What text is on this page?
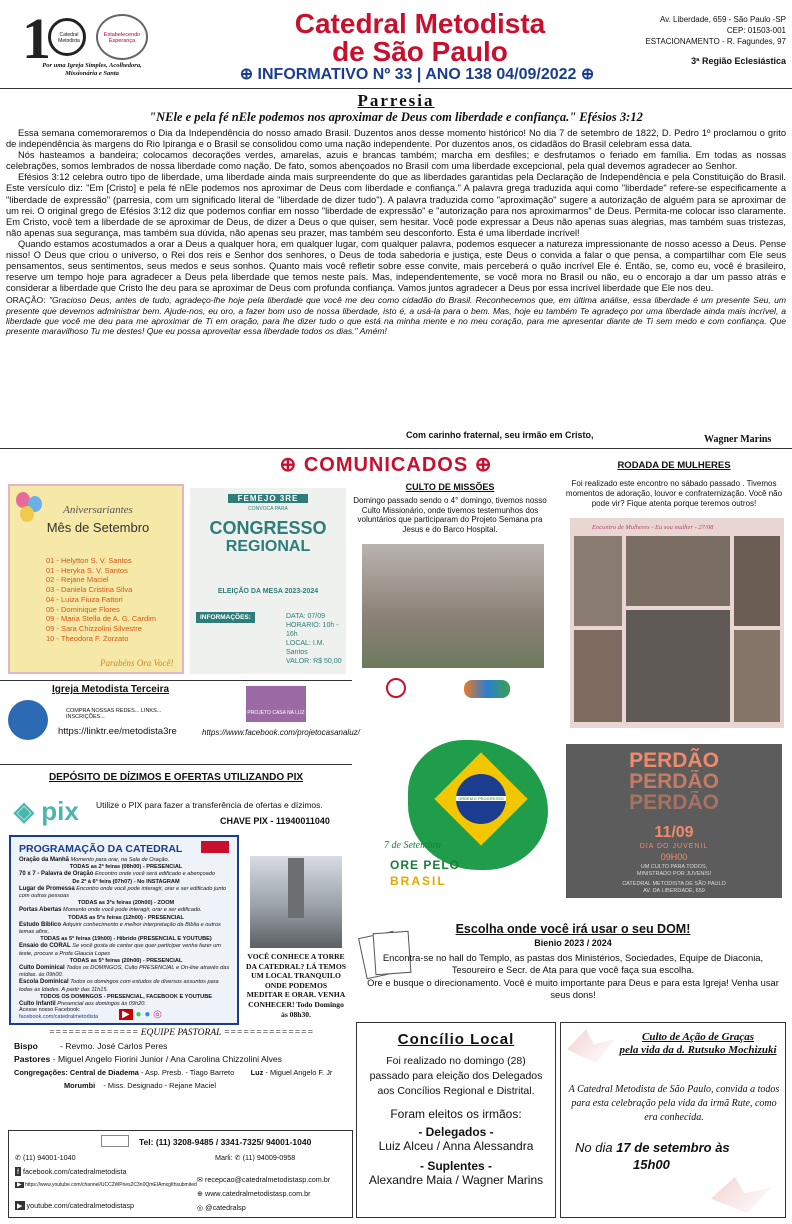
1	Estabelecendo Esperança
Catedral Metodista
Por uma Igreja Simples, Acolhedora, Missionária e Santa
Catedral Metodista
de São Paulo
⊕ INFORMATIVO Nº 33 | ANO 138 04/09/2022 ⊕
Av. Liberdade, 659 - São Paulo -SP
CEP: 01503-001
ESTACIONAMENTO - R. Fagundes, 97
3ª Região Eclesiástica
Parresia
"NEle e pela fé nEle podemos nos aproximar de Deus com liberdade e confiança." Efésios 3:12

Essa semana comemoraremos o Dia da Independência do nosso amado Brasil. Duzentos anos desse momento histórico! No dia 7 de setembro de 1822, D. Pedro 1º proclamou o grito de independência às margens do Rio Ipiranga e o Brasil se consolidou como uma nação independente. Por duzentos anos, os cidadãos do Brasil celebram essa data.

Nós hasteamos a bandeira; colocamos decorações verdes, amarelas, azuis e brancas também; marcha em desfiles; e desfrutamos o feriado em família. Em todas as nossas celebrações, somos lembrados de nossa liberdade como nação. De fato, somos abençoados no Brasil com uma liberdade excepcional, pela qual devemos agradecer ao Senhor.

Efésios 3:12 celebra outro tipo de liberdade, uma liberdade ainda mais surpreendente do que as liberdades garantidas pela Declaração de Independência e pela Constituição do Brasil. Este versículo diz: "Em [Cristo] e pela fé nEle podemos nos aproximar de Deus com liberdade e confiança." A palavra grega traduzida aqui como "liberdade" refere-se especificamente a "liberdade de expressão" (parresia, com um significado literal de "liberdade de dizer tudo"). A palavra traduzida como "aproximação" sugere a autorização de alguém para se aproximar de um rei. O original grego de Efésios 3:12 diz que podemos confiar em nosso "liberdade de expressão" e "autorização para nos aproximarmos" de Deus. Permita-me colocar isso claramente. Em Cristo, você tem a liberdade de se aproximar de Deus, de dizer a Deus o que quiser, sem hesitar. Você pode expressar a Deus não apenas suas alegrias, mas também suas tristezas, não apenas sua segurança, mas também sua dúvida, não apenas seu prazer, mas também seu desconforto. Esta é uma liberdade incrível!

Quando estamos acostumados a orar a Deus a qualquer hora, em qualquer lugar, com qualquer palavra, podemos esquecer a natureza impressionante de nosso acesso a Deus. Pense nisso! O Deus que criou o universo, o Rei dos reis e Senhor dos senhores, o Deus de toda sabedoria e justiça, este Deus o convida a falar o que pensa, a compartilhar com Ele seus pensamentos, seus sentimentos, seus medos e seus sonhos. Quanto mais você refletir sobre esse convite, mais perceberá o quão incrível Ele é. Então, se, como eu, você é brasileiro, reserve um tempo hoje para agradecer a Deus pela liberdade que temos neste país. Mas, independentemente, se você mora no Brasil ou não, eu o encorajo a dar um passo atrás e considerar a liberdade que Cristo lhe deu para se aproximar de Deus com profunda confiança. Vamos juntos agradecer a Deus por essa incrível liberdade que Ele nos deu.

ORAÇÃO: "Gracioso Deus, antes de tudo, agradeço-lhe hoje pela liberdade que você me deu como cidadão do Brasil. Reconhecemos que, em última análise, essa liberdade é um presente Seu, um presente que devemos administrar bem. Ajude-nos, eu oro, a fazer bom uso de nossa liberdade, isto é, a usá-la para o bem. Mas, hoje eu também Te agradeço por uma liberdade ainda mais incrível, a liberdade que você me deu para me aproximar de Ti em oração, para lhe dizer tudo o que está na minha mente e no meu coração, para me apresentar diante de Ti sem medo e com confiança. Que presente maravilhoso Tu me destes! Que eu possa aproveitar essa liberdade todos os dias." Amém!

Com carinho fraternal, seu irmão em Cristo,	Wagner Marins
⊕ COMUNICADOS ⊕
Aniversariantes
Mês de Setembro
01 - Helytton S. V. Santos
01 - Heryka S. V. Santos
02 - Rejane Maciel
03 - Daniela Cristina Silva
04 - Luiza Fiuza Fattori
05 - Dominique Flores
09 - Maria Stella de A. G. Cardim
09 - Sara Chizzolini Silvestre
10 - Theodora F. Zorzato
Parabéns Ora Você!
FEMEJO 3RE
CONVOCA PARA
CONGRESSO
REGIONAL
ELEIÇÃO DA MESA 2023-2024
INFORMAÇÕES:	DATA: 07/09
HORARIO: 10h - 16h
LOCAL: I.M. Santos
VALOR: R$ 50,00
CULTO DE MISSÕES
Domingo passado sendo o 4° domingo, tivemos nosso Culto Missionário, onde tivemos testemunhos dos voluntários que participaram do Projeto Semana pra Jesus e do Barco Hospital.
RODADA DE MULHERES
Foi realizado este encontro no sábado passado . Tivemos momentos de adoração, louvor e confraternização. Você não pode vir? Fique atenta porque teremos outros!
Encontro de Mulheres - Eu sou mulher - 27/08
Igreja Metodista Terceira
COMPRA NOSSAS REDES... LINKS... INSCRIÇÕES...
https://linktr.ee/metodista3re
PROJETO CASA NA LUZ
https://www.facebook.com/projetocasanaluz/
DEPÓSITO DE DÍZIMOS E OFERTAS UTILIZANDO PIX
◈ pix Utilize o PIX para fazer a transferência de ofertas e dízimos.
CHAVE PIX - 11940011040
PROGRAMAÇÃO DA CATEDRAL
Oração da Manhã Momento para orar, na Sala de Oração.
TODAS as 2ª feiras (08h00) - PRESENCIAL
70 x 7 - Palavra de Oração Encontro onde você será edificado e abençoado
De 2ª à 6ª feira (07h07) - No INSTAGRAM
Lugar de Promessa Encontro onde você pode interagir, orar e ser edificado junto com outras pessoas
TODAS as 3ªs feiras (20h00) - ZOOM
Portas Abertas Momento onde você pode interagir, orar e ser edificado.
TODAS as 5ªs feiras (12h00) - PRESENCIAL
Estudo Bíblico Adquirir conhecimento e melhor interpretação da Bíblia e outros temas afins.
TODAS as 5ª feiras (19h00) - Híbrido (PRESENCIAL E YOUTUBE)
Ensaio do CORAL Se você gosta de cantar que quer participar venha fazer um teste, procure a Profa Glaucia Lopes
TODAS as 5ª feiras (20h00) - PRESENCIAL
Culto Dominical Todos os DOMINGOS, Culto PRESENCIAL e On-line através das mídias. às 09h00.
Escola Dominical Todos os domingos com estudos de diversos assuntos para todas as Idades. A partir das 11h15.
TODOS OS DOMINGOS - PRESENCIAL, FACEBOOK E YOUTUBE
Culto Infantil Presencial aos domingos às 09h20.
Acesse nosso Facebook:
facebook.com/catedralmetodista	▶ ● ● ◎
VOCÊ CONHECE A TORRE DA CATEDRAL? LÁ TEMOS UM LOCAL TRANQUILO ONDE PODEMOS MEDITAR E ORAR. VENHA CONHECER! Todo Domingo às 08h30.
ORDEM E PROGRESSO
7 de Setembro
ORE PELO
BRASIL
PERDÃO
PERDÃO
PERDÃO
11/09
DIA DO JUVENIL
09H00
UM CULTO PARA TODOS,
MINISTRADO POR JUVENIS!
CATEDRAL METODISTA DE SÃO PAULO
AV. DA LIBERDADE, 659
Escolha onde você irá usar o seu DOM!
Bienio 2023 / 2024
Encontra-se no hall do Templo, as pastas dos Ministérios, Sociedades, Equipe de Diaconia, Tesoureiro e Secr. de Ata para que você faça sua escolha.
Ore e busque o direcionamento. Você é muito importante para Deus e para esta Igreja! Venha usar seus dons!
============== EQUIPE PASTORAL ==============
Bispo	- Revmo. José Carlos Peres
Pastores - Miguel Angelo Fiorini Junior / Ana Carolina Chizzolini Alves
Congregações: Central de Diadema - Asp. Presb. - Tiago Barreto Luz - Miguel Angelo F. Jr
Morumbi - Miss. Designado - Rejane Maciel
Tel: (11) 3208-9485 / 3341-7325/ 94001-1040
✆ (11) 94001-1040	Marli: ✆ (11) 94009-0958
f facebook.com/catedralmetodista
▶ https://www.youtube.com/channel/UCC2WPoes2C3n0QmEIAmxgIthsubmited
▶ youtube.com/catedralmetodistasp
✉ recepcao@catedralmetodistasp.com.br
⊕ www.catedralmetodistasp.com.br
◎ @catedralsp
Concílio Local
Foi realizado no domingo (28) passado para eleição dos Delegados aos Concílios Regional e Distrital.
Foram eleitos os irmãos:
- Delegados -
Luiz Alceu / Anna Alessandra
- Suplentes -
Alexandre Maia / Wagner Marins
Culto de Ação de Graças
pela vida da d. Rutsuko Mochizuki
A Catedral Metodista de São Paulo, convida a todos para esta celebração pela vida da irmã Rute, como era conhecida.
No dia 17 de setembro às
15h00
